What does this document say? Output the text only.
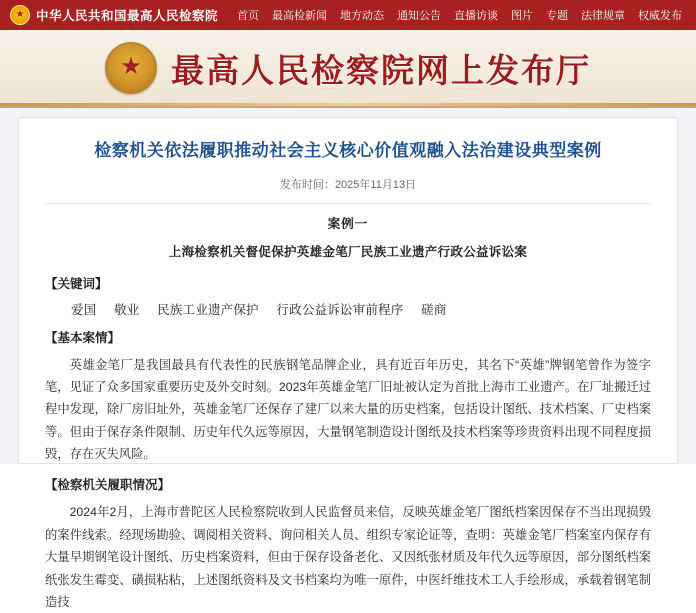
★
中华人民共和国最高人民检察院 首页 最高检新闻 地方动态 通知公告 直播访谈 图片 专题 法律规章 权威发布
★
最高人民检察院网上发布厅
检察机关依法履职推动社会主义核心价值观融入法治建设典型案例
发布时间：2025年11月13日
案例一
上海检察机关督促保护英雄金笔厂民族工业遗产行政公益诉讼案
【关键词】
爱国 敬业 民族工业遗产保护 行政公益诉讼审前程序 磋商
【基本案情】

英雄金笔厂是我国最具有代表性的民族钢笔品牌企业，具有近百年历史，其名下“英雄”牌钢笔曾作为签字笔，见证了众多国家重要历史及外交时刻。2023年英雄金笔厂旧址被认定为首批上海市工业遗产。在厂址搬迁过程中发现，除厂房旧址外，英雄金笔厂还保存了建厂以来大量的历史档案，包括设计图纸、技术档案、厂史档案等。但由于保存条件限制、历史年代久远等原因，大量钢笔制造设计图纸及技术档案等珍贵资料出现不同程度损毁，存在灭失风险。

【检察机关履职情况】

2024年2月，上海市普陀区人民检察院收到人民监督员来信，反映英雄金笔厂图纸档案因保存不当出现损毁的案件线索。经现场勘验、调阅相关资料、询问相关人员、组织专家论证等，查明：英雄金笔厂档案室内保存有大量早期钢笔设计图纸、历史档案资料，但由于保存设备老化、又因纸张材质及年代久远等原因，部分图纸档案纸张发生霉变、磺损粘粘，上述图纸资料及文书档案均为唯一原件，中医纤维技术工人手绘形成，承载着钢笔制造技
